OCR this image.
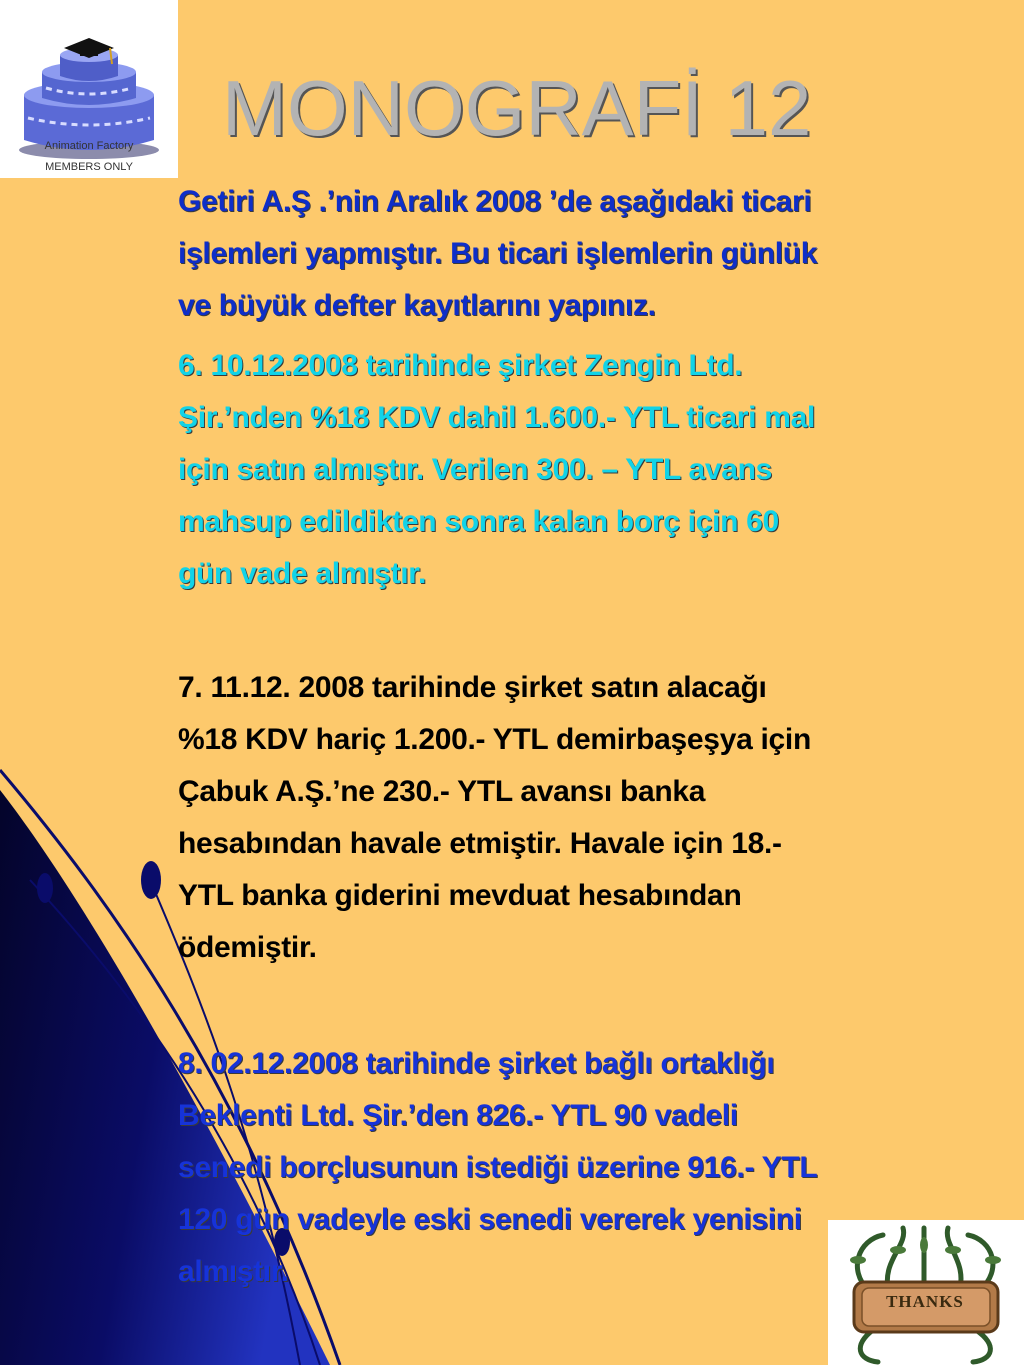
Animation Factory
MEMBERS ONLY
MONOGRAFİ 12

Getiri A.Ş .’nin Aralık 2008 ’de aşağıdaki ticari
işlemleri yapmıştır. Bu ticari işlemlerin günlük
ve büyük defter kayıtlarını yapınız.

6. 10.12.2008 tarihinde şirket Zengin Ltd.
Şir.’nden %18 KDV dahil 1.600.- YTL ticari mal
için satın almıştır. Verilen 300. – YTL avans
mahsup edildikten sonra kalan borç için 60
gün vade almıştır.

7. 11.12. 2008 tarihinde şirket satın alacağı
%18 KDV hariç 1.200.- YTL demirbaşeşya için
Çabuk A.Ş.’ne 230.- YTL avansı banka
hesabından havale etmiştir. Havale için 18.-
YTL banka giderini mevduat hesabından
ödemiştir.

8. 02.12.2008 tarihinde şirket bağlı ortaklığı
Beklenti Ltd. Şir.’den 826.- YTL 90 vadeli
senedi borçlusunun istediği üzerine 916.- YTL
120 gün vadeyle eski senedi vererek yenisini
almıştır.

THANKS
